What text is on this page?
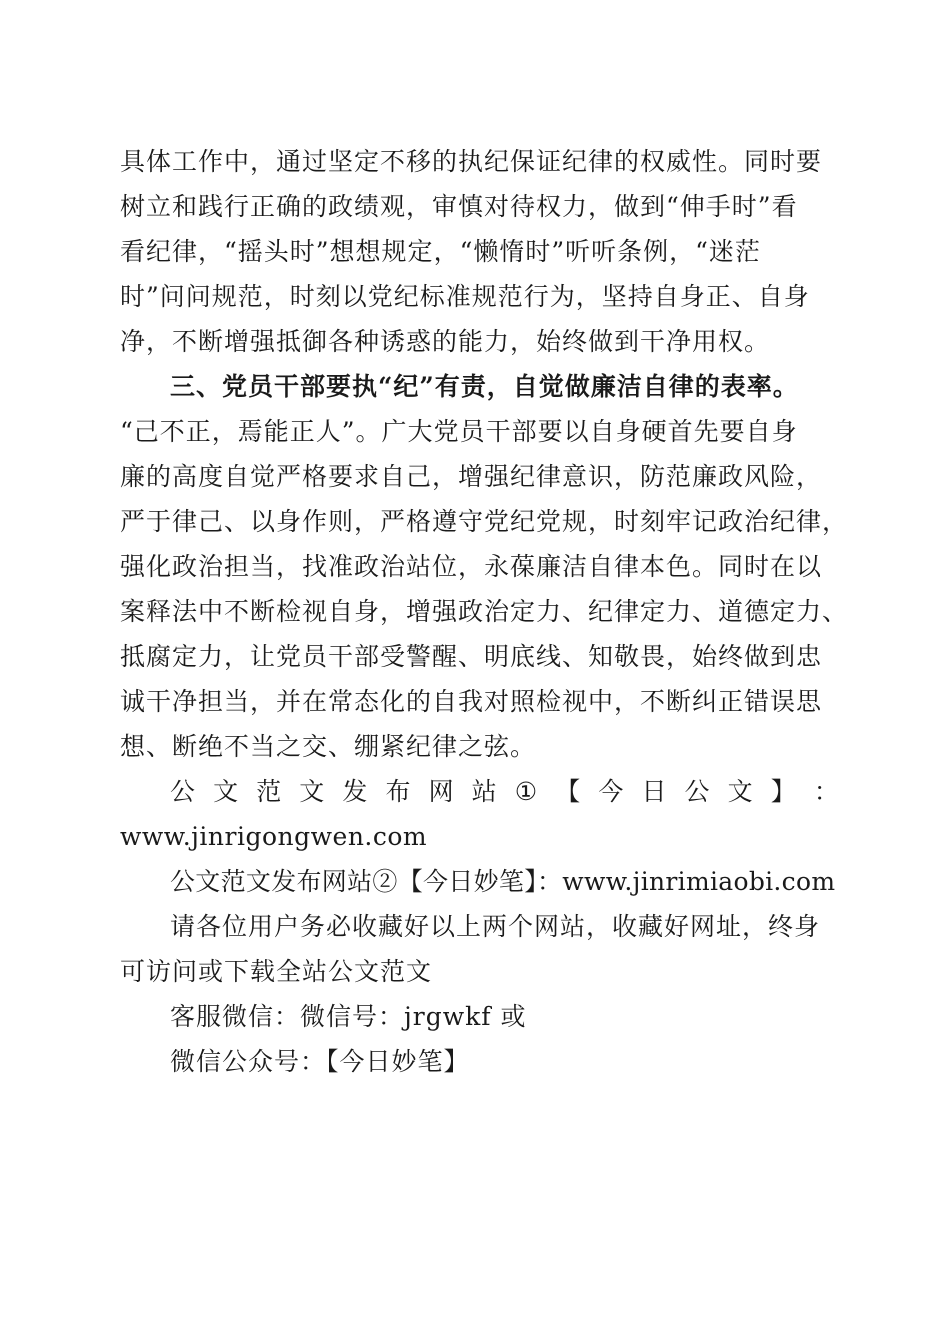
具体工作中，通过坚定不移的执纪保证纪律的权威性。同时要
树立和践行正确的政绩观，审慎对待权力，做到“伸手时”看
看纪律，“摇头时”想想规定，“懒惰时”听听条例，“迷茫
时”问问规范，时刻以党纪标准规范行为，坚持自身正、自身
净，不断增强抵御各种诱惑的能力，始终做到干净用权。
三、党员干部要执“纪”有责，自觉做廉洁自律的表率。
“己不正，焉能正人”。广大党员干部要以自身硬首先要自身
廉的高度自觉严格要求自己，增强纪律意识，防范廉政风险，
严于律己、以身作则，严格遵守党纪党规，时刻牢记政治纪律，
强化政治担当，找准政治站位，永葆廉洁自律本色。同时在以
案释法中不断检视自身，增强政治定力、纪律定力、道德定力、
抵腐定力，让党员干部受警醒、明底线、知敬畏，始终做到忠
诚干净担当，并在常态化的自我对照检视中，不断纠正错误思
想、断绝不当之交、绷紧纪律之弦。
公 文 范 文 发 布 网 站 ① 【 今 日 公 文 】 ：
www.jinrigongwen.com
公文范文发布网站②【今日妙笔】：www.jinrimiaobi.com
请各位用户务必收藏好以上两个网站，收藏好网址，终身
可访问或下载全站公文范文
客服微信：微信号：jrgwkf 或
微信公众号：【今日妙笔】
